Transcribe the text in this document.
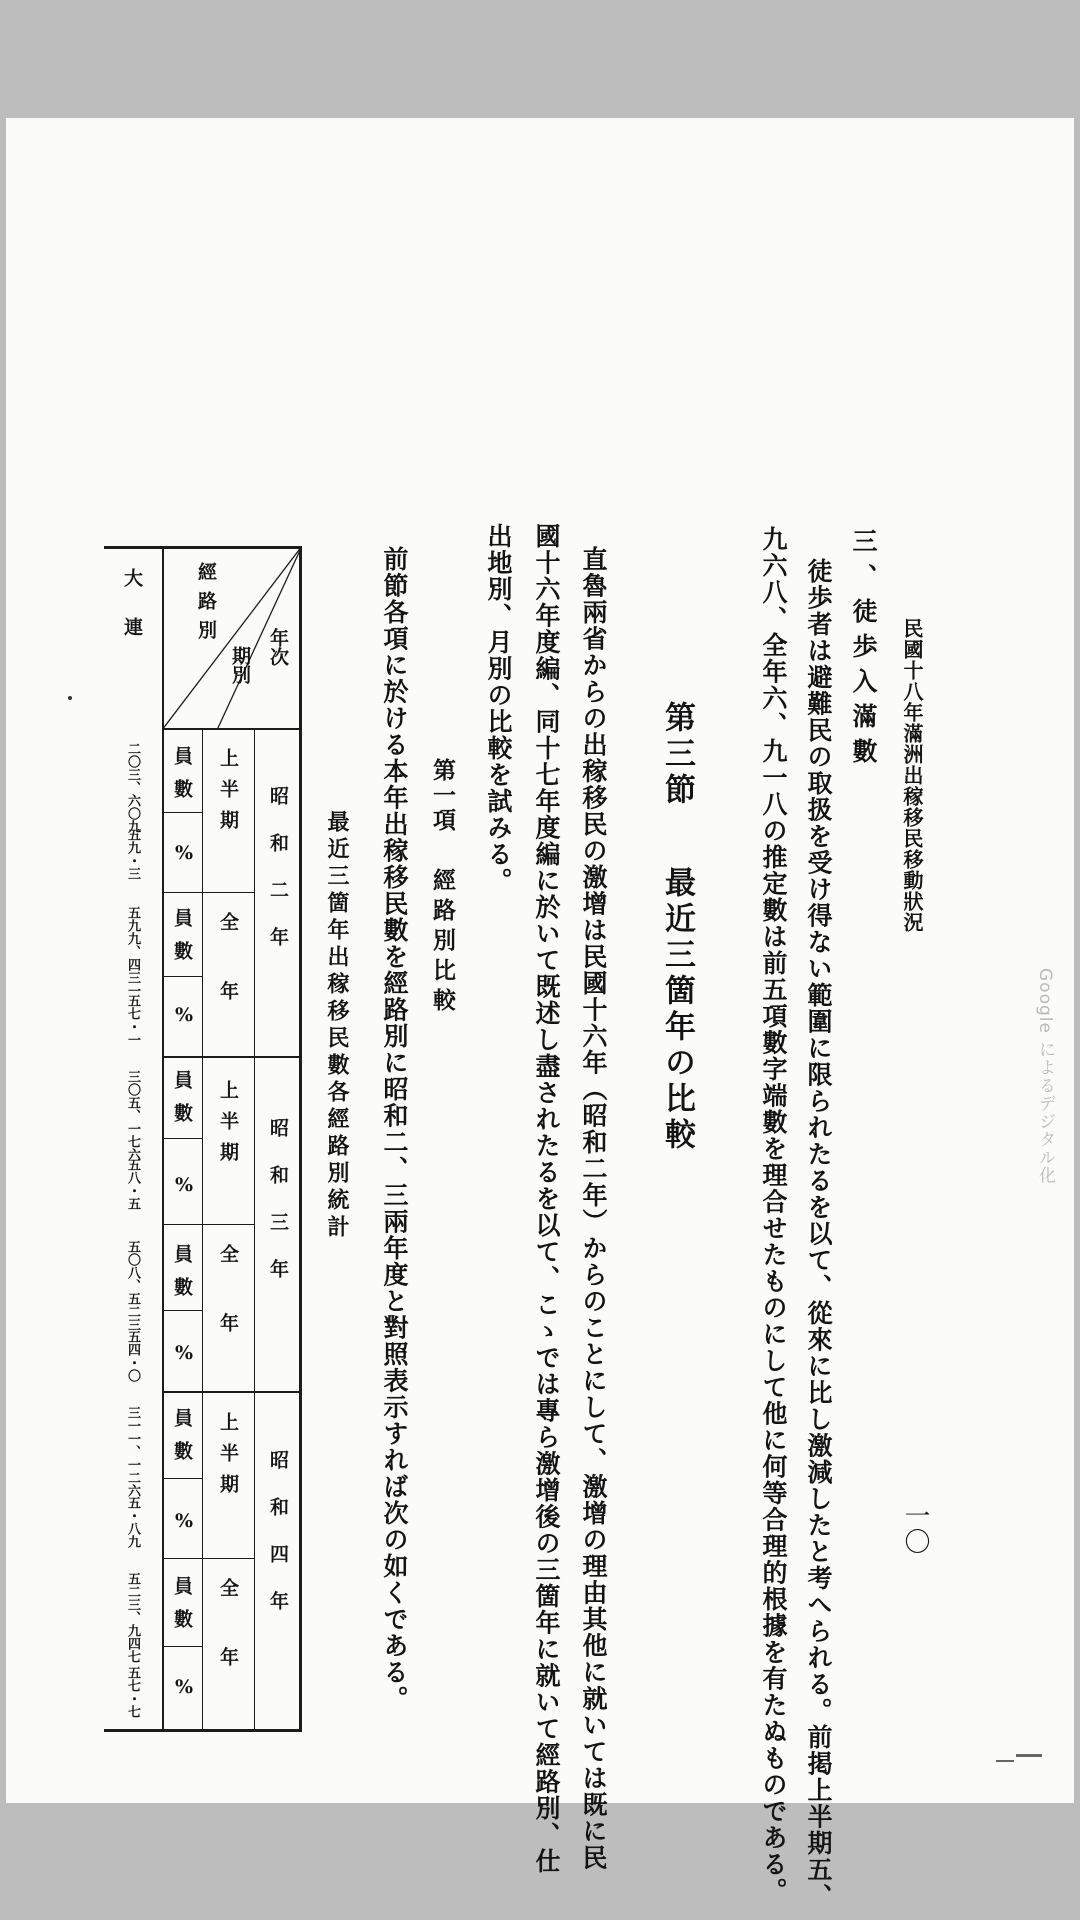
民國十八年滿洲出稼移民移動狀況
一〇
三、徒歩入滿數
徒歩者は避難民の取扱を受け得ない範圍に限られたるを以て、從來に比し激減したと考へられる。前掲上半期五、
九六八、全年六、九一八の推定數は前五項數字端數を理合せたものにして他に何等合理的根據を有たぬものである。
第三節
最近三箇年の比較
直魯兩省からの出稼移民の激增は民國十六年（昭和二年）からのことにして、激增の理由其他に就いては既に民
國十六年度編、同十七年度編に於いて既述し盡されたるを以て、こゝでは專ら激增後の三箇年に就いて經路別、仕
出地別、月別の比較を試みる。
第一項
經路別比較
前節各項に於ける本年出稼移民數を經路別に昭和二、三兩年度と對照表示すれば次の如くである。
最近三箇年出稼移民數各經路別統計
年次
期別
經路別
大連
昭和二年
昭和三年
昭和四年
上半期
全年
上半期
全年
上半期
全年
員數
%
員數
%
員數
%
員數
%
員數
%
員數
%
二〇三、六〇九
五九・三
五九九、四三一
五七・一
三〇五、一七六
五八・五
五〇八、五二三
五四・〇
三一一、一二六
五・八九
五二三、九四七
五七・七
Google によるデジタル化
